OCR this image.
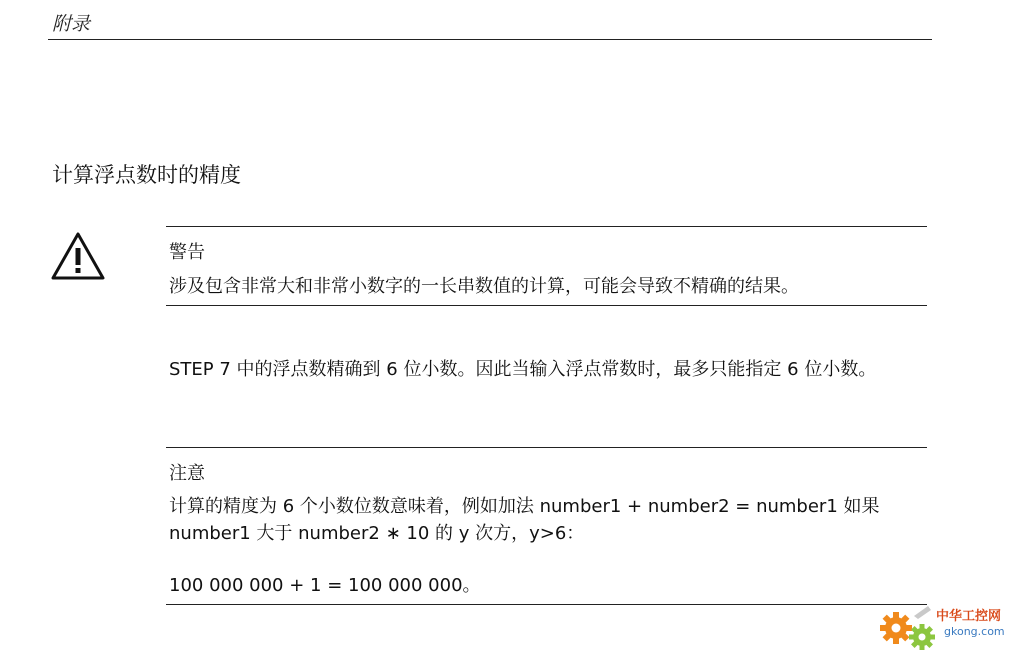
附录
计算浮点数时的精度
警告
涉及包含非常大和非常小数字的一长串数值的计算，可能会导致不精确的结果。
STEP 7 中的浮点数精确到 6 位小数。因此当输入浮点常数时，最多只能指定 6 位小数。
注意
计算的精度为 6 个小数位数意味着，例如加法 number1 + number2 = number1 如果 number1 大于 number2 ∗ 10 的 y 次方，y>6：
100 000 000 + 1 = 100 000 000。
中华工控网
gkong.com
